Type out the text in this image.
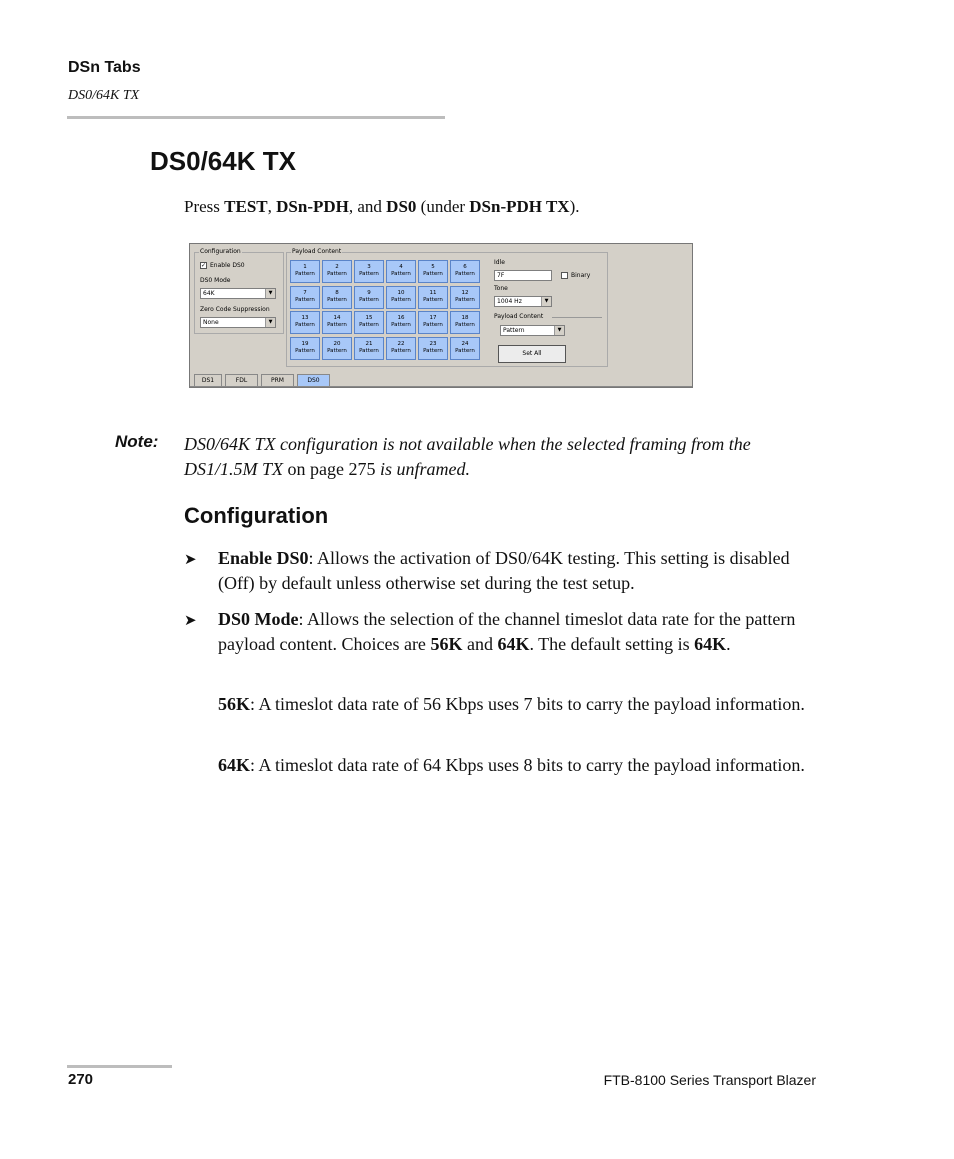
DSn Tabs
DS0/64K TX
DS0/64K TX
Press TEST, DSn-PDH, and DS0 (under DSn-PDH TX).
Configuration
✓ Enable DS0
DS0 Mode
64K	▼
Zero Code Suppression
None	▼
Payload Content
1
Pattern
2
Pattern
3
Pattern
4
Pattern
5
Pattern
6
Pattern
7
Pattern
8
Pattern
9
Pattern
10
Pattern
11
Pattern
12
Pattern
13
Pattern
14
Pattern
15
Pattern
16
Pattern
17
Pattern
18
Pattern
19
Pattern
20
Pattern
21
Pattern
22
Pattern
23
Pattern
24
Pattern
Idle
7F	Binary
Tone
1004 Hz	▼
Payload Content
Pattern	▼
Set All
DS1	FDL	PRM	DS0
Note: DS0/64K TX configuration is not available when the selected framing from the DS1/1.5M TX on page 275 is unframed.
Configuration
➤ Enable DS0: Allows the activation of DS0/64K testing. This setting is disabled (Off) by default unless otherwise set during the test setup.
➤ DS0 Mode: Allows the selection of the channel timeslot data rate for the pattern payload content. Choices are 56K and 64K. The default setting is 64K.
56K: A timeslot data rate of 56 Kbps uses 7 bits to carry the payload information.
64K: A timeslot data rate of 64 Kbps uses 8 bits to carry the payload information.
270	FTB-8100 Series Transport Blazer
